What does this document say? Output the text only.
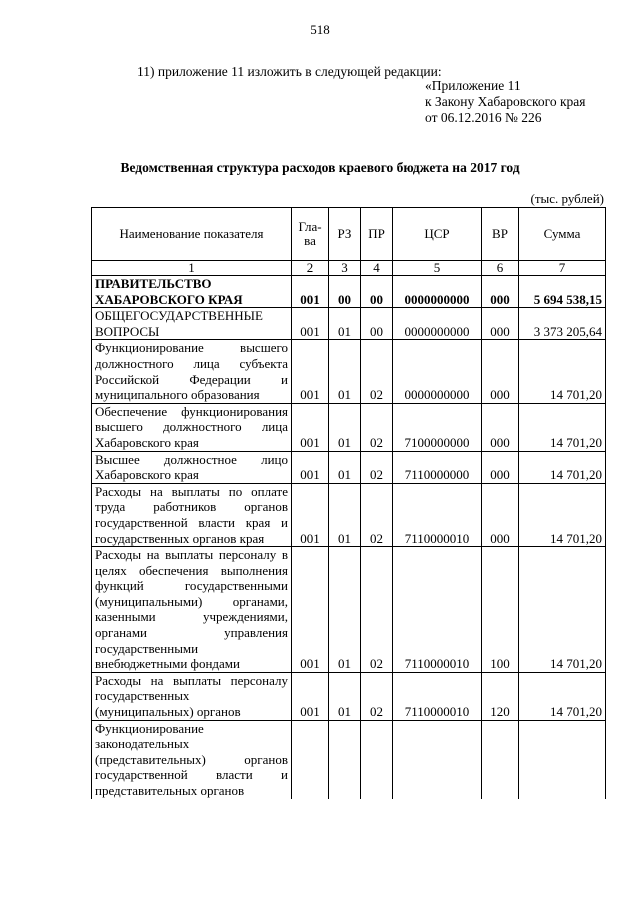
518
11) приложение 11 изложить в следующей редакции:
«Приложение 11
к Закону Хабаровского края
от 06.12.2016 № 226
Ведомственная структура расходов краевого бюджета на 2017 год
(тыс. рублей)
Наименование показателя	Гла-ва	РЗ	ПР	ЦСР	ВР	Сумма
1	2	3	4	5	6	7
ПРАВИТЕЛЬСТВО ХАБАРОВСКОГО КРАЯ	001	00	00	0000000000	000	5 694 538,15
ОБЩЕГОСУДАРСТВЕННЫЕ ВОПРОСЫ	001	01	00	0000000000	000	3 373 205,64
Функционирование высшего должностного лица субъекта Российской Федерации и муниципального образования	001	01	02	0000000000	000	14 701,20
Обеспечение функционирования высшего должностного лица Хабаровского края	001	01	02	7100000000	000	14 701,20
Высшее должностное лицо Хабаровского края	001	01	02	7110000000	000	14 701,20
Расходы на выплаты по оплате труда работников органов государственной власти края и государственных органов края	001	01	02	7110000010	000	14 701,20
Расходы на выплаты персоналу в целях обеспечения выполнения функций государственными (муниципальными) органами, казенными учреждениями, органами управления государственными внебюджетными фондами	001	01	02	7110000010	100	14 701,20
Расходы на выплаты персоналу государственных (муниципальных) органов	001	01	02	7110000010	120	14 701,20
Функционирование законодательных (представительных) органов государственной власти и представительных органов						
